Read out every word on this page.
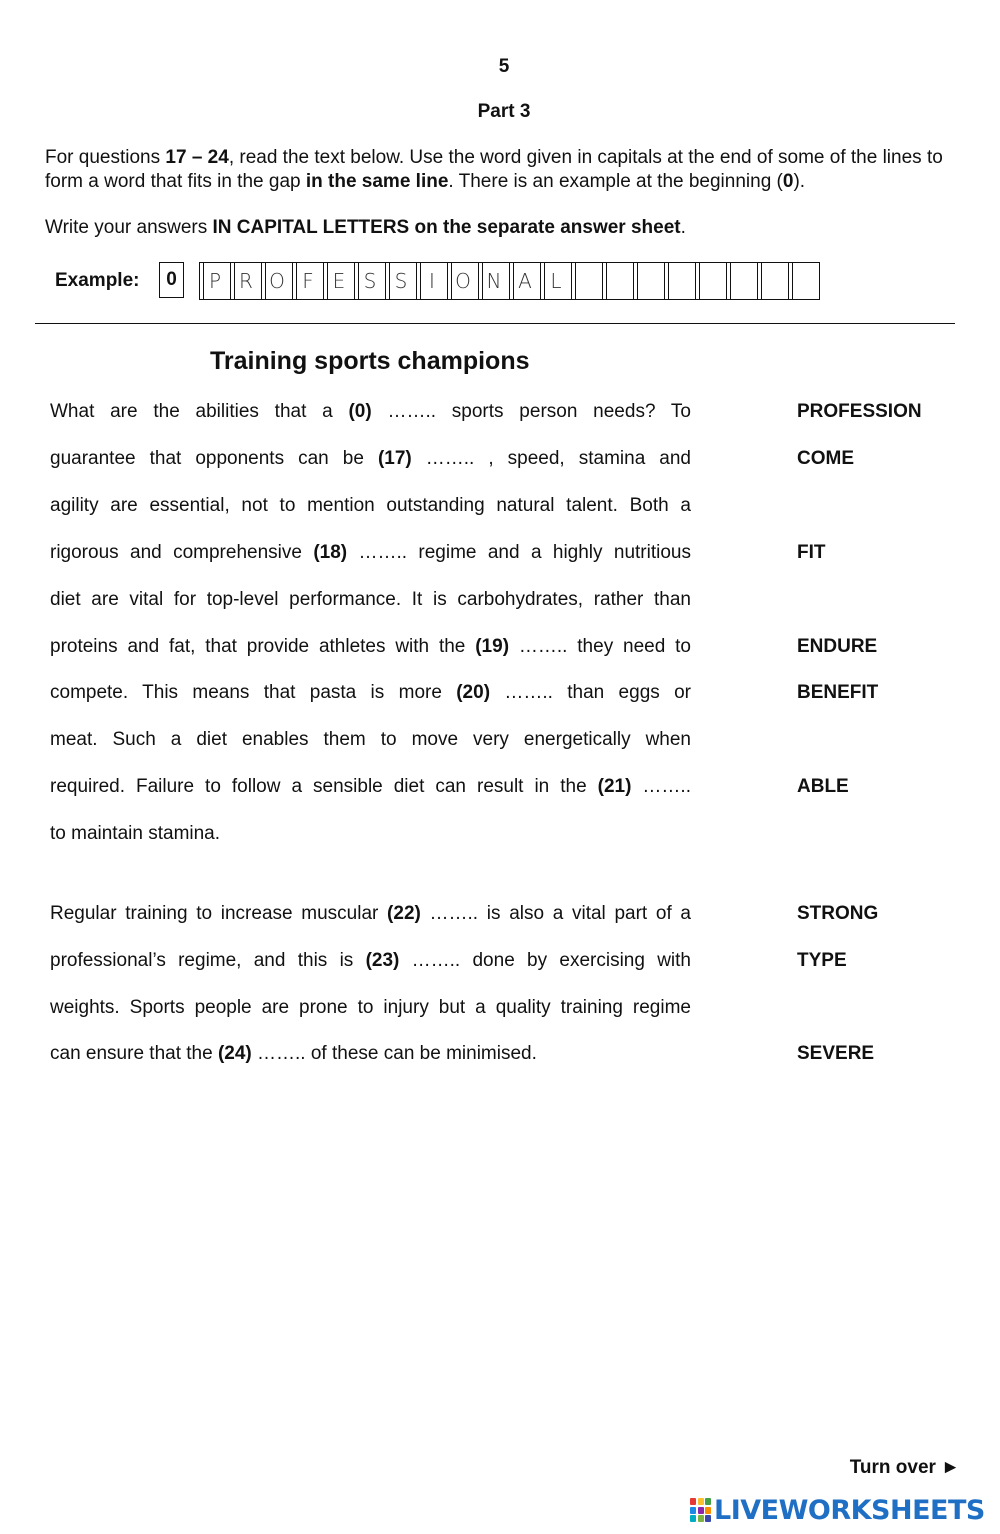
5
Part 3
For questions 17 – 24, read the text below. Use the word given in capitals at the end of some of the lines to form a word that fits in the gap in the same line. There is an example at the beginning (0).
Write your answers IN CAPITAL LETTERS on the separate answer sheet.
Example:	0	P R O F E S S	I	O N A L
Training sports champions
What are the abilities that a (0) …….. sports person needs? To	PROFESSION
guarantee that opponents can be (17) …….. , speed, stamina and	COME
agility are essential, not to mention outstanding natural talent. Both a
rigorous and comprehensive (18) …….. regime and a highly nutritious	FIT
diet are vital for top-level performance. It is carbohydrates, rather than
proteins and fat, that provide athletes with the (19) …….. they need to	ENDURE
compete. This means that pasta is more (20) …….. than eggs or	BENEFIT
meat. Such a diet enables them to move very energetically when
required. Failure to follow a sensible diet can result in the (21) ……..	ABLE
to maintain stamina.
Regular training to increase muscular (22) …….. is also a vital part of a	STRONG
professional’s regime, and this is (23) …….. done by exercising with	TYPE
weights. Sports people are prone to injury but a quality training regime
can ensure that the (24) …….. of these can be minimised.	SEVERE
Turn over ►
LIVEWORKSHEETS
